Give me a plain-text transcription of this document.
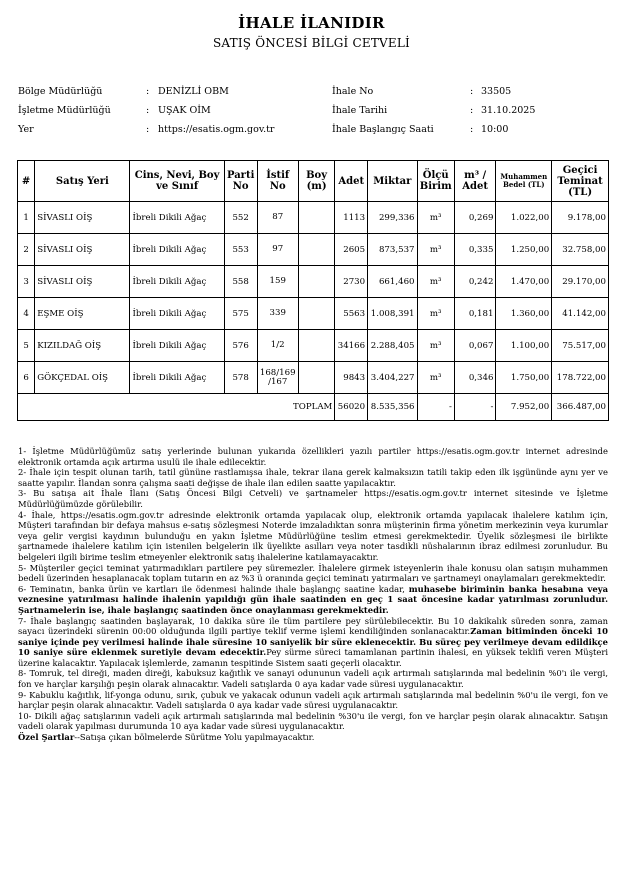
İHALE İLANIDIR
SATIŞ ÖNCESİ BİLGİ CETVELİ
Bölge Müdürlüğü	: DENİZLİ OBM	İhale No	: 33505
İşletme Müdürlüğü	: UŞAK OİM	İhale Tarihi	: 31.10.2025
Yer	: https://esatis.ogm.gov.tr	İhale Başlangıç Saati	: 10:00
#	Satış Yeri	Cins, Nevi, Boy ve Sınıf	Parti No	İstif No	Boy (m)	Adet	Miktar	Ölçü Birim	m³ / Adet	Muhammen Bedel (TL)	Geçici Teminat (TL)
1	SİVASLI OİŞ	İbreli Dikili Ağaç	552	87		1113	299,336	m³	0,269	1.022,00	9.178,00
2	SİVASLI OİŞ	İbreli Dikili Ağaç	553	97		2605	873,537	m³	0,335	1.250,00	32.758,00
3	SİVASLI OİŞ	İbreli Dikili Ağaç	558	159		2730	661,460	m³	0,242	1.470,00	29.170,00
4	EŞME OİŞ	İbreli Dikili Ağaç	575	339		5563	1.008,391	m³	0,181	1.360,00	41.142,00
5	KIZILDAĞ OİŞ	İbreli Dikili Ağaç	576	1/2		34166	2.288,405	m³	0,067	1.100,00	75.517,00
6	GÖKÇEDAL OİŞ	İbreli Dikili Ağaç	578	168/169 /167		9843	3.404,227	m³	0,346	1.750,00	178.722,00
TOPLAM						56020	8.535,356	-	-	7.952,00	366.487,00

1- İşletme Müdürlüğümüz satış yerlerinde bulunan yukarıda özellikleri yazılı partiler https://esatis.ogm.gov.tr internet adresinde elektronik ortamda açık artırma usulü ile ihale edilecektir.

2- İhale için tespit olunan tarih, tatil gününe rastlamışsa ihale, tekrar ilana gerek kalmaksızın tatili takip eden ilk işgününde aynı yer ve saatte yapılır. İlandan sonra çalışma saati değişse de ihale ilan edilen saatte yapılacaktır.

3- Bu satışa ait İhale İlanı (Satış Öncesi Bilgi Cetveli) ve şartnameler https://esatis.ogm.gov.tr internet sitesinde ve İşletme Müdürlüğümüzde görülebilir.

4- İhale, https://esatis.ogm.gov.tr adresinde elektronik ortamda yapılacak olup, elektronik ortamda yapılacak ihalelere katılım için, Müşteri tarafından bir defaya mahsus e-satış sözleşmesi Noterde imzaladıktan sonra müşterinin firma yönetim merkezinin veya kurumlar veya gelir vergisi kaydının bulunduğu en yakın İşletme Müdürlüğüne teslim etmesi gerekmektedir. Üyelik sözleşmesi ile birlikte şartnamede ihalelere katılım için istenilen belgelerin ilk üyelikte asılları veya noter tasdikli nüshalarının ibraz edilmesi zorunludur. Bu belgeleri ilgili birime teslim etmeyenler elektronik satış ihalelerine katılamayacaktır.

5- Müşteriler geçici teminat yatırmadıkları partilere pey süremezler. İhalelere girmek isteyenlerin ihale konusu olan satışın muhammen bedeli üzerinden hesaplanacak toplam tutarın en az %3 ü oranında geçici teminatı yatırmaları ve şartnameyi onaylamaları gerekmektedir.

6- Teminatın, banka ürün ve kartları ile ödenmesi halinde ihale başlangıç saatine kadar, muhasebe biriminin banka hesabına veya veznesine yatırılması halinde ihalenin yapıldığı gün ihale saatinden en geç 1 saat öncesine kadar yatırılması zorunludur. Şartnamelerin ise, ihale başlangıç saatinden önce onaylanması gerekmektedir.

7- İhale başlangıç saatinden başlayarak, 10 dakika süre ile tüm partilere pey sürülebilecektir. Bu 10 dakikalık süreden sonra, zaman sayacı üzerindeki sürenin 00:00 olduğunda ilgili partiye teklif verme işlemi kendiliğinden sonlanacaktır.Zaman bitiminden önceki 10 saniye içinde pey verilmesi halinde ihale süresine 10 saniyelik bir süre eklenecektir. Bu süreç pey verilmeye devam edildikçe 10 saniye süre eklenmek suretiyle devam edecektir.Pey sürme süreci tamamlanan partinin ihalesi, en yüksek teklifi veren Müşteri üzerine kalacaktır. Yapılacak işlemlerde, zamanın tespitinde Sistem saati geçerli olacaktır.

8- Tomruk, tel direği, maden direği, kabuksuz kağıtlık ve sanayi odununun vadeli açık artırmalı satışlarında mal bedelinin %0'ı ile vergi, fon ve harçlar karşılığı peşin olarak alınacaktır. Vadeli satışlarda 0 aya kadar vade süresi uygulanacaktır.

9- Kabuklu kağıtlık, lif-yonga odunu, sırık, çubuk ve yakacak odunun vadeli açık artırmalı satışlarında mal bedelinin %0'u ile vergi, fon ve harçlar peşin olarak alınacaktır. Vadeli satışlarda 0 aya kadar vade süresi uygulanacaktır.

10- Dikili ağaç satışlarının vadeli açık artırmalı satışlarında mal bedelinin %30'u ile vergi, fon ve harçlar peşin olarak alınacaktır. Satışın vadeli olarak yapılması durumunda 10 aya kadar vade süresi uygulanacaktır.

Özel Şartlar--Satışa çıkan bölmelerde Sürütme Yolu yapılmayacaktır.
